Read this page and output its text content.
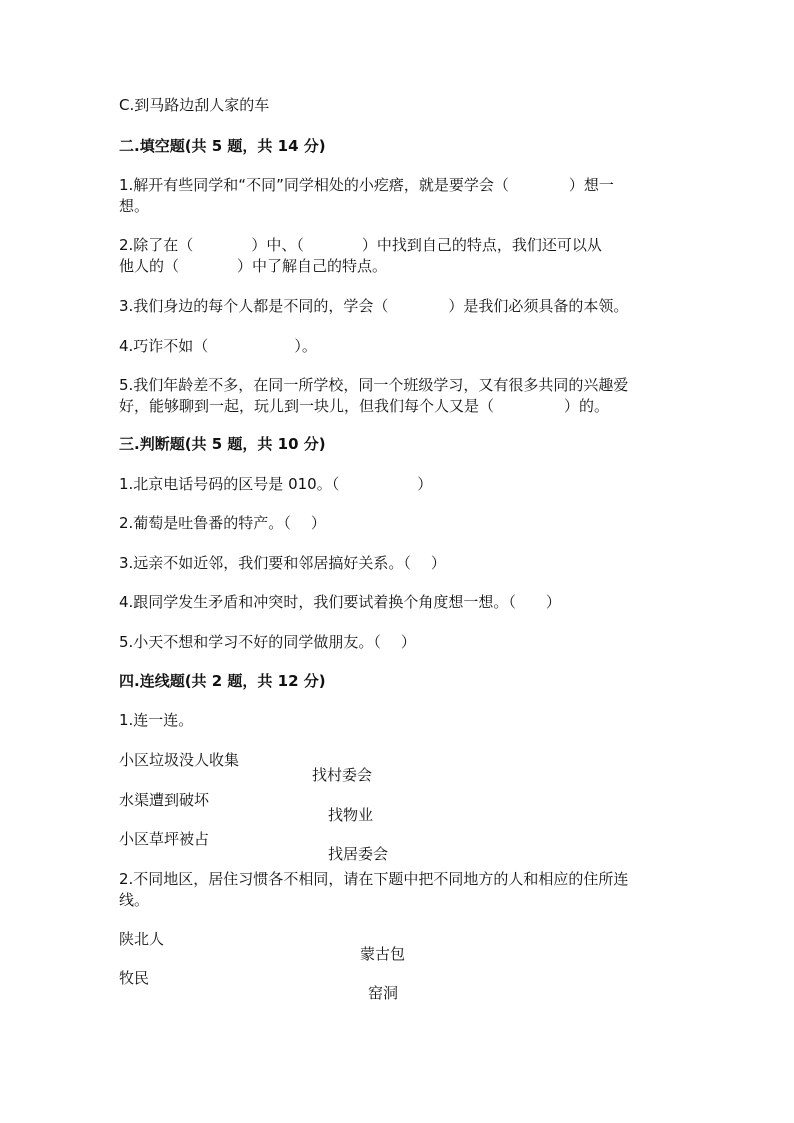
C.到马路边刮人家的车

二.填空题(共 5 题，共 14 分)

1.解开有些同学和“不同”同学相处的小疙瘩，就是要学会（	）想一

想。

2.除了在（	）中、（	）中找到自己的特点，我们还可以从

他人的（	）中了解自己的特点。

3.我们身边的每个人都是不同的，学会（	）是我们必须具备的本领。

4.巧诈不如（	）。

5.我们年龄差不多，在同一所学校，同一个班级学习，又有很多共同的兴趣爱

好，能够聊到一起，玩儿到一块儿，但我们每个人又是（	）的。

三.判断题(共 5 题，共 10 分)

1.北京电话号码的区号是 010。（	）

2.葡萄是吐鲁番的特产。（ ）

3.远亲不如近邻，我们要和邻居搞好关系。（ ）

4.跟同学发生矛盾和冲突时，我们要试着换个角度想一想。（ ）

5.小天不想和学习不好的同学做朋友。（ ）

四.连线题(共 2 题，共 12 分)

1.连一连。

小区垃圾没人收集

找村委会

水渠遭到破坏

找物业

小区草坪被占

找居委会

2.不同地区，居住习惯各不相同，请在下题中把不同地方的人和相应的住所连

线。

陕北人

蒙古包

牧民

窑洞
